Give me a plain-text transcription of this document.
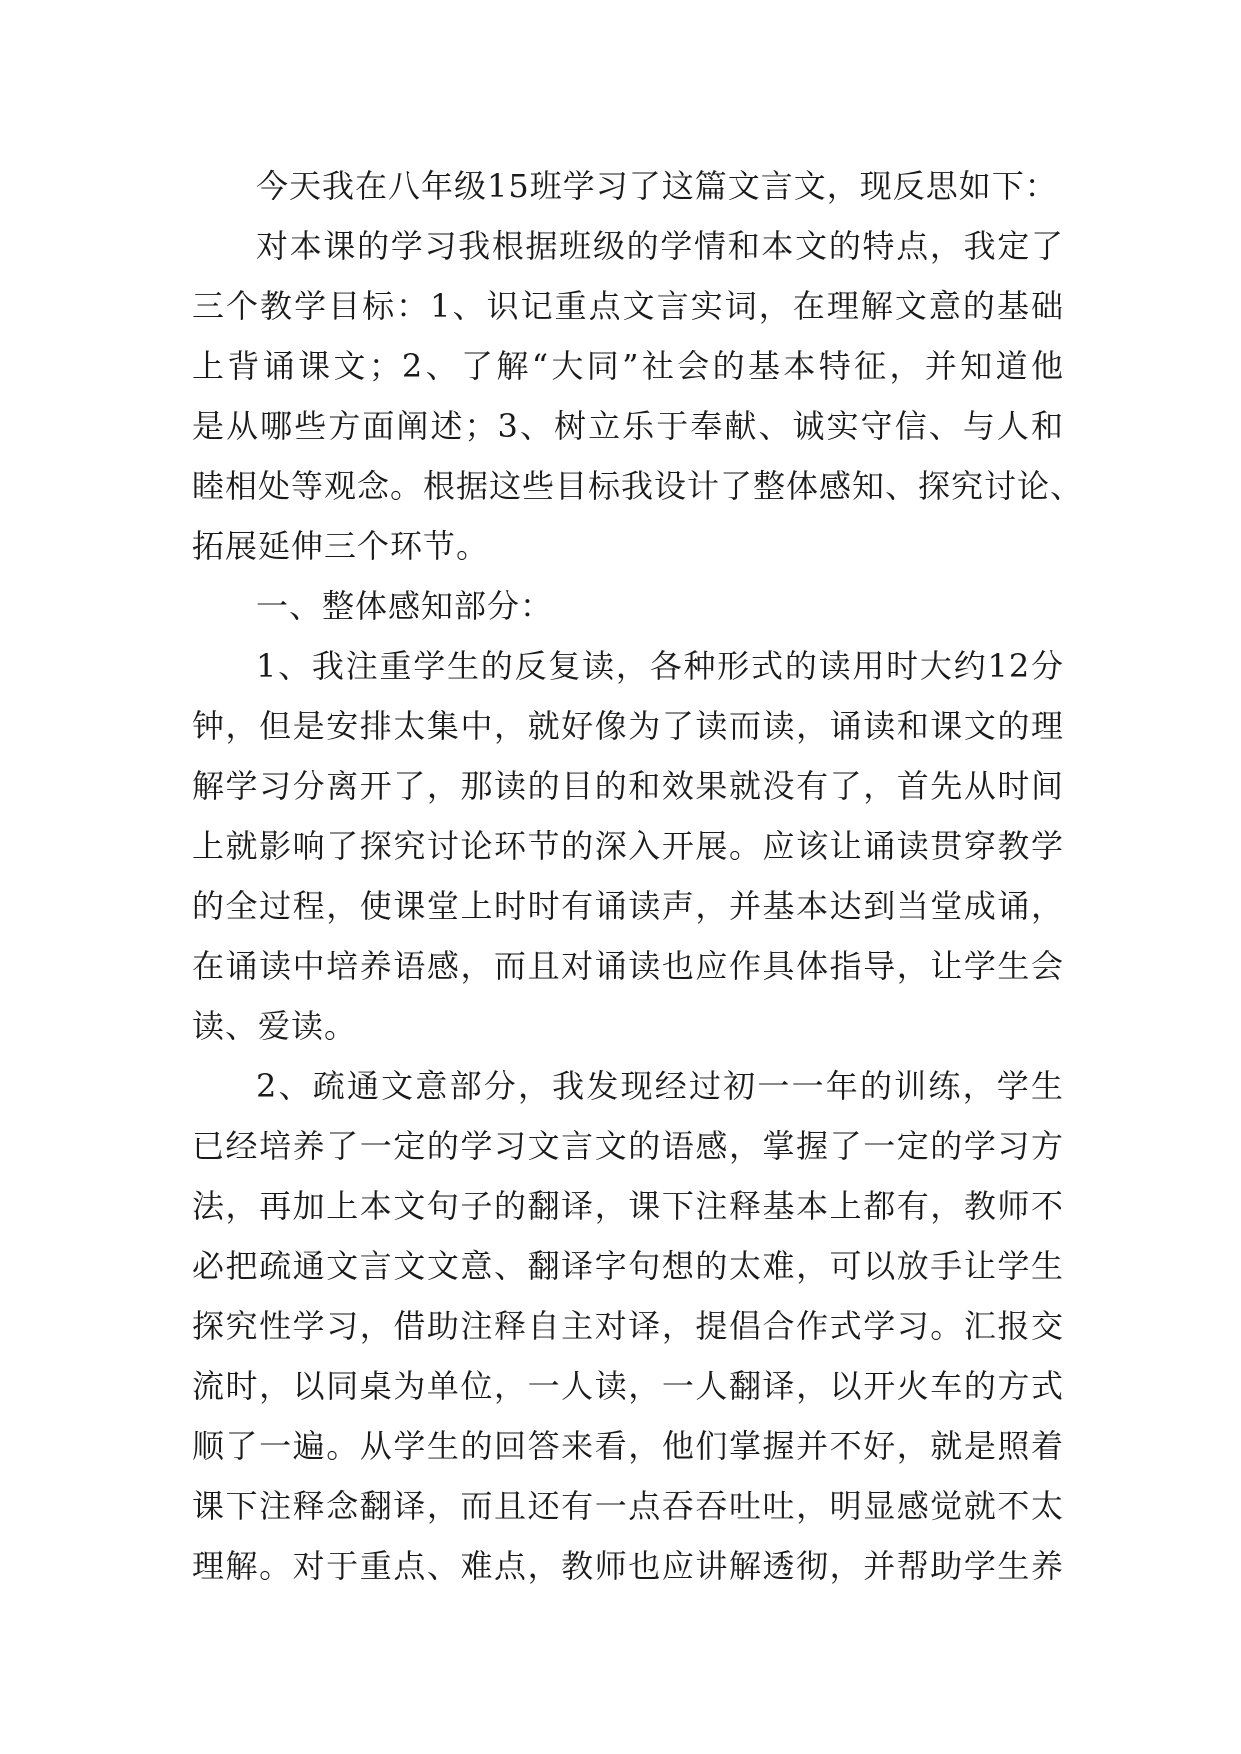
今天我在八年级15班学习了这篇文言文，现反思如下：
对本课的学习我根据班级的学情和本文的特点，我定了
三个教学目标：1、识记重点文言实词，在理解文意的基础
上背诵课文；2、了解“大同”社会的基本特征，并知道他
是从哪些方面阐述；3、树立乐于奉献、诚实守信、与人和
睦相处等观念。根据这些目标我设计了整体感知、探究讨论、
拓展延伸三个环节。
一、整体感知部分：
1、我注重学生的反复读，各种形式的读用时大约12分
钟，但是安排太集中，就好像为了读而读，诵读和课文的理
解学习分离开了，那读的目的和效果就没有了，首先从时间
上就影响了探究讨论环节的深入开展。应该让诵读贯穿教学
的全过程，使课堂上时时有诵读声，并基本达到当堂成诵，
在诵读中培养语感，而且对诵读也应作具体指导，让学生会
读、爱读。
2、疏通文意部分，我发现经过初一一年的训练，学生
已经培养了一定的学习文言文的语感，掌握了一定的学习方
法，再加上本文句子的翻译，课下注释基本上都有，教师不
必把疏通文言文文意、翻译字句想的太难，可以放手让学生
探究性学习，借助注释自主对译，提倡合作式学习。汇报交
流时，以同桌为单位，一人读，一人翻译，以开火车的方式
顺了一遍。从学生的回答来看，他们掌握并不好，就是照着
课下注释念翻译，而且还有一点吞吞吐吐，明显感觉就不太
理解。对于重点、难点，教师也应讲解透彻，并帮助学生养
